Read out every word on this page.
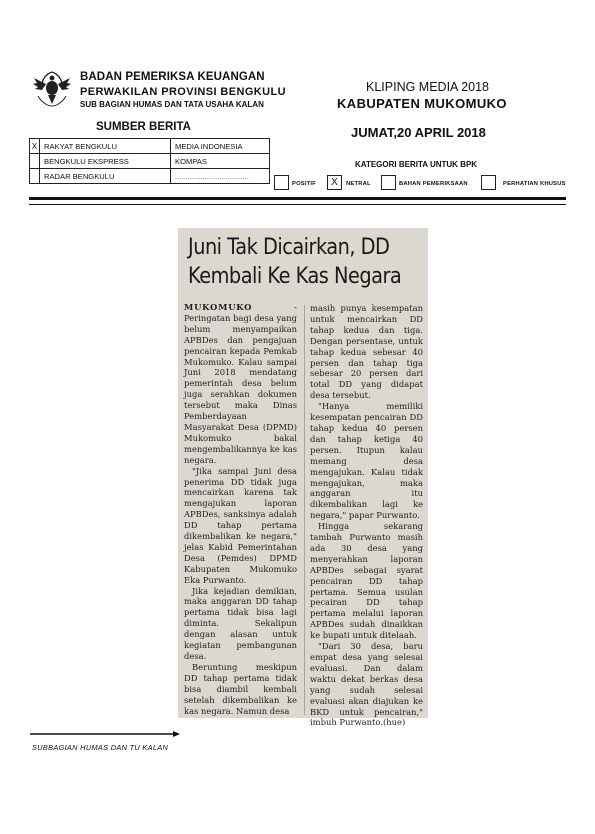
BADAN PEMERIKSA KEUANGAN
PERWAKILAN PROVINSI BENGKULU
SUB BAGIAN HUMAS DAN TATA USAHA KALAN
SUMBER BERITA
X	RAKYAT BENGKULU	MEDIA INDONESIA
	BENGKULU EKSPRESS	KOMPAS
	RADAR BENGKULU	...................................
KLIPING MEDIA 2018
KABUPATEN MUKOMUKO
JUMAT,20 APRIL 2018
KATEGORI BERITA UNTUK BPK
POSITIF	X	NETRAL	BAHAN PEMERIKSAAN	PERHATIAN KHUSUS
Juni Tak Dicairkan, DD
Kembali Ke Kas Negara

MUKOMUKO - Peringatan bagi desa yang belum menyampaikan APBDes dan pengajuan pencairan kepada Pemkab Mukomuko. Kalau sampai Juni 2018 mendatang pemerintah desa belum juga serahkan dokumen tersebut maka Dinas Pemberdayaan Masyarakat Desa (DPMD) Mukomuko bakal mengembalikannya ke kas negara.

"Jika sampai Juni desa penerima DD tidak juga mencairkan karena tak mengajukan laporan APBDes, sanksinya adalah DD tahap pertama dikembalikan ke negara," jelas Kabid Pemerintahan Desa (Pemdes) DPMD Kabupaten Mukomuko Eka Purwanto.

Jika kejadian demikian, maka anggaran DD tahap pertama tidak bisa lagi diminta. Sekalipun dengan alasan untuk kegiatan pembangunan desa.

Beruntung meskipun DD tahap pertama tidak bisa diambil kembali setelah dikembalikan ke kas negara. Namun desa

masih punya kesempatan untuk mencairkan DD tahap kedua dan tiga. Dengan persentase, untuk tahap kedua sebesar 40 persen dan tahap tiga sebesar 20 persen dari total DD yang didapat desa tersebut.

"Hanya memiliki kesempatan pencairan DD tahap kedua 40 persen dan tahap ketiga 40 persen. Itupun kalau memang desa mengajukan. Kalau tidak mengajukan, maka anggaran itu dikembalikan lagi ke negara," papar Purwanto.

Hingga sekarang tambah Purwanto masih ada 30 desa yang menyerahkan laporan APBDes sebagai syarat pencairan DD tahap pertama. Semua usulan pecairan DD tahap pertama melalui laporan APBDes sudah dinaikkan ke bupati untuk ditelaah.

"Dari 30 desa, baru empat desa yang selesai evaluasi. Dan dalam waktu dekat berkas desa yang sudah selesai evaluasi akan diajukan ke BKD untuk pencairan," imbuh Purwanto.(hue)

SUBBAGIAN HUMAS DAN TU KALAN
